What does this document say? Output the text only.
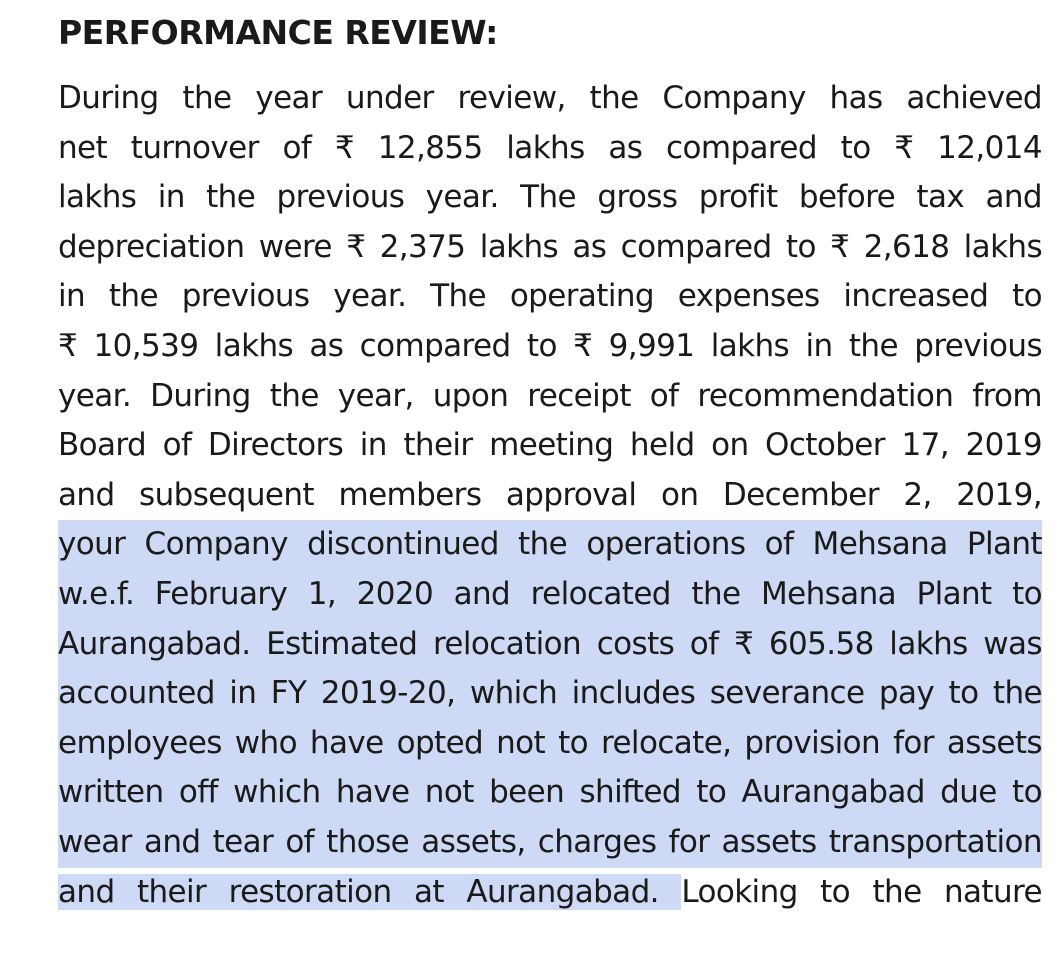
PERFORMANCE REVIEW:
During the year under review, the Company has achieved
net turnover of ₹ 12,855 lakhs as compared to ₹ 12,014
lakhs in the previous year. The gross profit before tax and
depreciation were ₹ 2,375 lakhs as compared to ₹ 2,618 lakhs
in the previous year. The operating expenses increased to
₹ 10,539 lakhs as compared to ₹ 9,991 lakhs in the previous
year. During the year, upon receipt of recommendation from
Board of Directors in their meeting held on October 17, 2019
and subsequent members approval on December 2, 2019,
your Company discontinued the operations of Mehsana Plant
w.e.f. February 1, 2020 and relocated the Mehsana Plant to
Aurangabad. Estimated relocation costs of ₹ 605.58 lakhs was
accounted in FY 2019-20, which includes severance pay to the
employees who have opted not to relocate, provision for assets
written off which have not been shifted to Aurangabad due to
wear and tear of those assets, charges for assets transportation
and their restoration at Aurangabad. Looking to the nature
